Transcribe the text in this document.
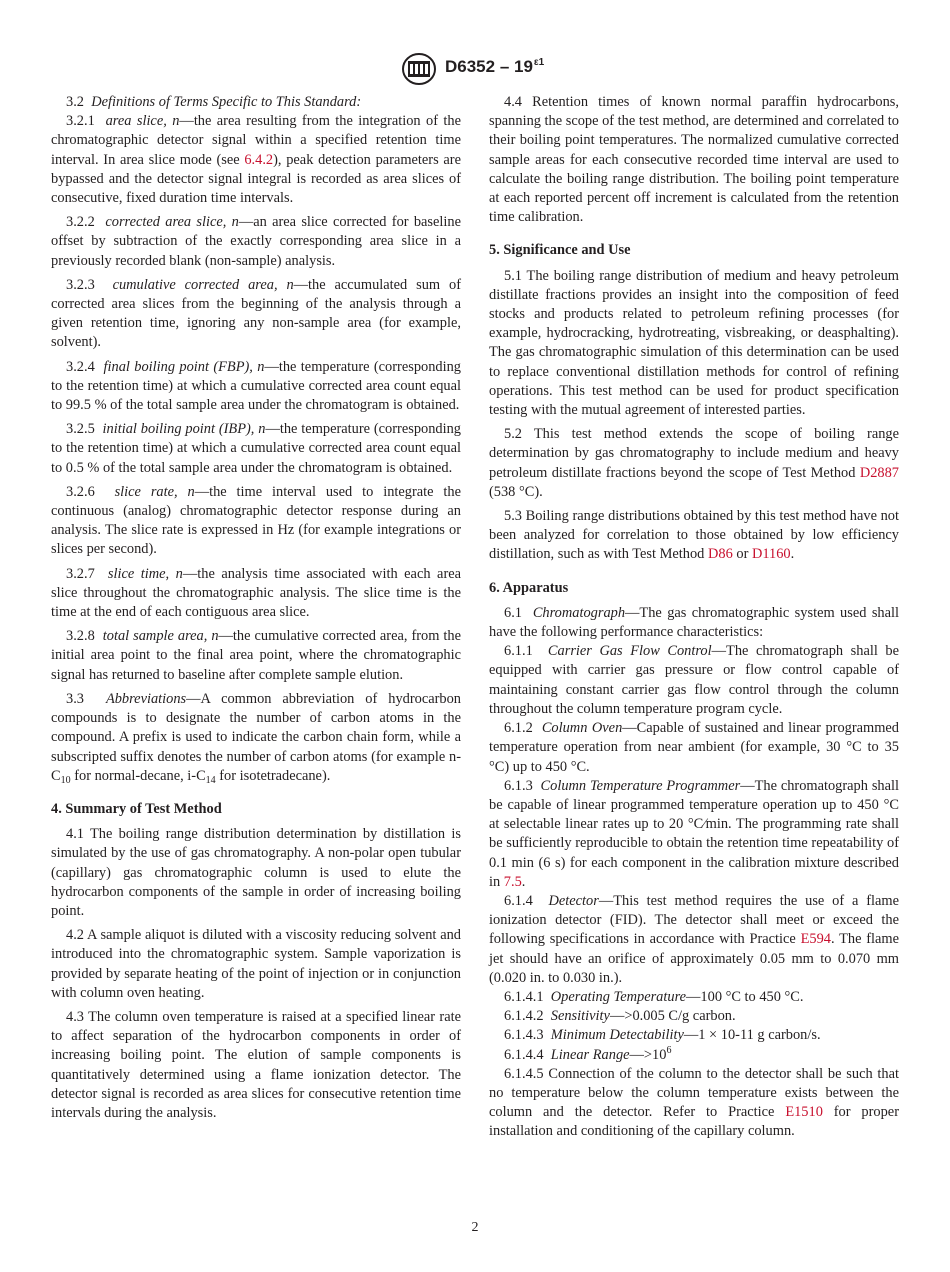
$D6352 - 19^{\varepsilon 1}$

3.2 Definitions of Terms Specific to This Standard:

3.2.1 area slice, n—the area resulting from the integration of the chromatographic detector signal within a specified retention time interval. In area slice mode (see 6.4.2), peak detection parameters are bypassed and the detector signal integral is recorded as area slices of consecutive, fixed duration time intervals.

3.2.2 corrected area slice, n—an area slice corrected for baseline offset by subtraction of the exactly corresponding area slice in a previously recorded blank (non-sample) analysis.

3.2.3 cumulative corrected area, n—the accumulated sum of corrected area slices from the beginning of the analysis through a given retention time, ignoring any non-sample area (for example, solvent).

3.2.4 final boiling point (FBP), n—the temperature (corresponding to the retention time) at which a cumulative corrected area count equal to 99.5 % of the total sample area under the chromatogram is obtained.

3.2.5 initial boiling point (IBP), n—the temperature (corresponding to the retention time) at which a cumulative corrected area count equal to 0.5 % of the total sample area under the chromatogram is obtained.

3.2.6 slice rate, n—the time interval used to integrate the continuous (analog) chromatographic detector response during an analysis. The slice rate is expressed in Hz (for example integrations or slices per second).

3.2.7 slice time, n—the analysis time associated with each area slice throughout the chromatographic analysis. The slice time is the time at the end of each contiguous area slice.

3.2.8 total sample area, n—the cumulative corrected area, from the initial area point to the final area point, where the chromatographic signal has returned to baseline after complete sample elution.

3.3 Abbreviations—A common abbreviation of hydrocarbon compounds is to designate the number of carbon atoms in the compound. A prefix is used to indicate the carbon chain form, while a subscripted suffix denotes the number of carbon atoms (for example $n-C_{10}$ for normal-decane, $i-C_{14}$ for isotetradecane).

4. Summary of Test Method

4.1 The boiling range distribution determination by distillation is simulated by the use of gas chromatography. A non-polar open tubular (capillary) gas chromatographic column is used to elute the hydrocarbon components of the sample in order of increasing boiling point.

4.2 A sample aliquot is diluted with a viscosity reducing solvent and introduced into the chromatographic system. Sample vaporization is provided by separate heating of the point of injection or in conjunction with column oven heating.

4.3 The column oven temperature is raised at a specified linear rate to affect separation of the hydrocarbon components in order of increasing boiling point. The elution of sample components is quantitatively determined using a flame ionization detector. The detector signal is recorded as area slices for consecutive retention time intervals during the analysis.

4.4 Retention times of known normal paraffin hydrocarbons, spanning the scope of the test method, are determined and correlated to their boiling point temperatures. The normalized cumulative corrected sample areas for each consecutive recorded time interval are used to calculate the boiling range distribution. The boiling point temperature at each reported percent off increment is calculated from the retention time calibration.

5. Significance and Use

5.1 The boiling range distribution of medium and heavy petroleum distillate fractions provides an insight into the composition of feed stocks and products related to petroleum refining processes (for example, hydrocracking, hydrotreating, visbreaking, or deasphalting). The gas chromatographic simulation of this determination can be used to replace conventional distillation methods for control of refining operations. This test method can be used for product specification testing with the mutual agreement of interested parties.

5.2 This test method extends the scope of boiling range determination by gas chromatography to include medium and heavy petroleum distillate fractions beyond the scope of Test Method D2887 (538 °C).

5.3 Boiling range distributions obtained by this test method have not been analyzed for correlation to those obtained by low efficiency distillation, such as with Test Method D86 or D1160.

6. Apparatus

6.1 Chromatograph—The gas chromatographic system used shall have the following performance characteristics:

6.1.1 Carrier Gas Flow Control—The chromatograph shall be equipped with carrier gas pressure or flow control capable of maintaining constant carrier gas flow control through the column throughout the column temperature program cycle.

6.1.2 Column Oven—Capable of sustained and linear programmed temperature operation from near ambient (for example, 30 °C to 35 °C) up to 450 °C.

6.1.3 Column Temperature Programmer—The chromatograph shall be capable of linear programmed temperature operation up to 450 °C at selectable linear rates up to 20 °C⁄min. The programming rate shall be sufficiently reproducible to obtain the retention time repeatability of 0.1 min (6 s) for each component in the calibration mixture described in 7.5.

6.1.4 Detector—This test method requires the use of a flame ionization detector (FID). The detector shall meet or exceed the following specifications in accordance with Practice E594. The flame jet should have an orifice of approximately 0.05 mm to 0.070 mm (0.020 in. to 0.030 in.).

6.1.4.1 Operating Temperature—100 °C to 450 °C.

6.1.4.2 Sensitivity—>0.005 C/g carbon.

6.1.4.3 Minimum Detectability—1 × 10-11 g carbon/s.

6.1.4.4 Linear $Range—>10^6$

6.1.4.5 Connection of the column to the detector shall be such that no temperature below the column temperature exists between the column and the detector. Refer to Practice E1510 for proper installation and conditioning of the capillary column.

2
